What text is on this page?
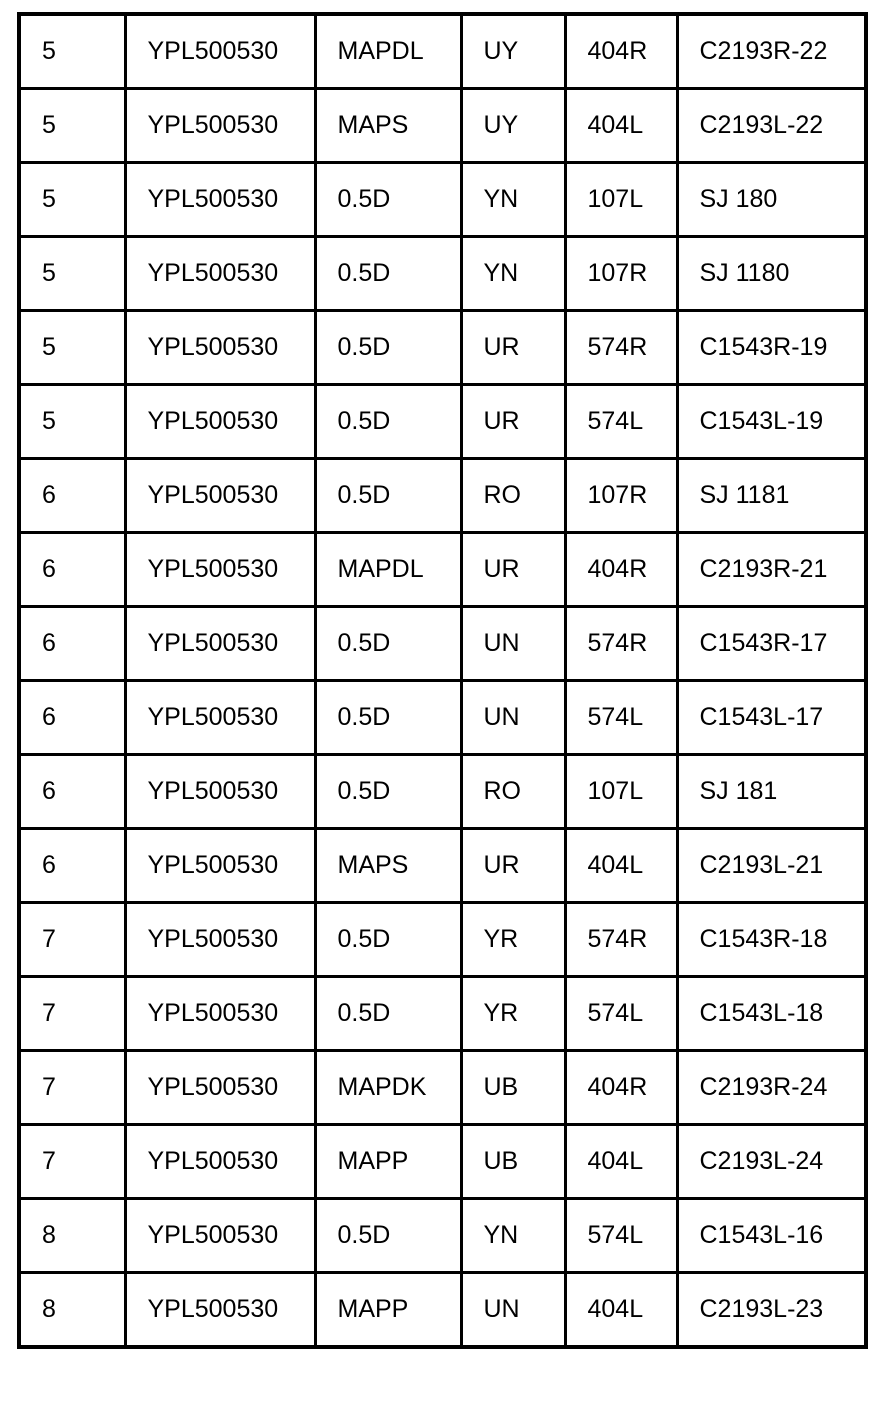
5	YPL500530	MAPDL	UY	404R	C2193R-22
5	YPL500530	MAPS	UY	404L	C2193L-22
5	YPL500530	0.5D	YN	107L	SJ 180
5	YPL500530	0.5D	YN	107R	SJ 1180
5	YPL500530	0.5D	UR	574R	C1543R-19
5	YPL500530	0.5D	UR	574L	C1543L-19
6	YPL500530	0.5D	RO	107R	SJ 1181
6	YPL500530	MAPDL	UR	404R	C2193R-21
6	YPL500530	0.5D	UN	574R	C1543R-17
6	YPL500530	0.5D	UN	574L	C1543L-17
6	YPL500530	0.5D	RO	107L	SJ 181
6	YPL500530	MAPS	UR	404L	C2193L-21
7	YPL500530	0.5D	YR	574R	C1543R-18
7	YPL500530	0.5D	YR	574L	C1543L-18
7	YPL500530	MAPDK	UB	404R	C2193R-24
7	YPL500530	MAPP	UB	404L	C2193L-24
8	YPL500530	0.5D	YN	574L	C1543L-16
8	YPL500530	MAPP	UN	404L	C2193L-23
